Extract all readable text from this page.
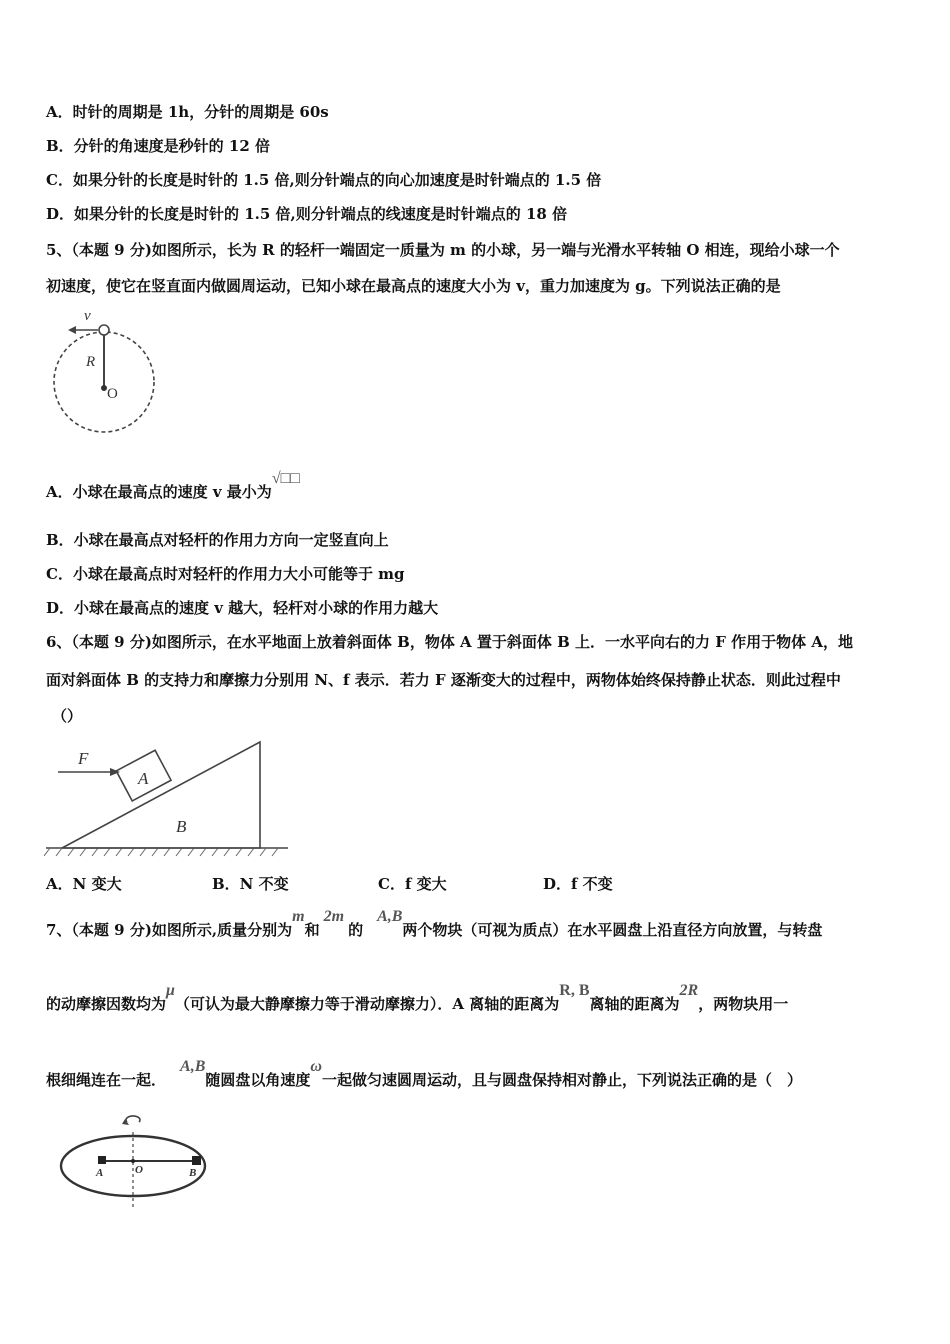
A．时针的周期是 1h，分针的周期是 60s
B．分针的角速度是秒针的 12 倍
C．如果分针的长度是时针的 1.5 倍,则分针端点的向心加速度是时针端点的 1.5 倍
D．如果分针的长度是时针的 1.5 倍,则分针端点的线速度是时针端点的 18 倍
5、（本题 9 分)如图所示，长为 R 的轻杆一端固定一质量为 m 的小球，另一端与光滑水平转轴 O 相连，现给小球一个
初速度，使它在竖直面内做圆周运动，已知小球在最高点的速度大小为 v，重力加速度为 g。下列说法正确的是
v
R
O
A．小球在最高点的速度 v 最小为√□□
B．小球在最高点对轻杆的作用力方向一定竖直向上
C．小球在最高点时对轻杆的作用力大小可能等于 mg
D．小球在最高点的速度 v 越大，轻杆对小球的作用力越大
6、（本题 9 分)如图所示，在水平地面上放着斜面体 B，物体 A 置于斜面体 B 上．一水平向右的力 F 作用于物体 A，地
面对斜面体 B 的支持力和摩擦力分别用 N、f 表示．若力 F 逐渐变大的过程中，两物体始终保持静止状态．则此过程中
（）
F
A
B
A．N 变大	B．N 不变	C．f 变大	D．f 不变
7、（本题 9 分)如图所示,质量分别为m和2m的A,B两个物块（可视为质点）在水平圆盘上沿直径方向放置，与转盘
的动摩擦因数均为μ（可认为最大静摩擦力等于滑动摩擦力）．A 离轴的距离为R, B离轴的距离为2R，两物块用一
根细绳连在一起．A,B随圆盘以角速度ω一起做匀速圆周运动，且与圆盘保持相对静止，下列说法正确的是（　）
A	O	B
